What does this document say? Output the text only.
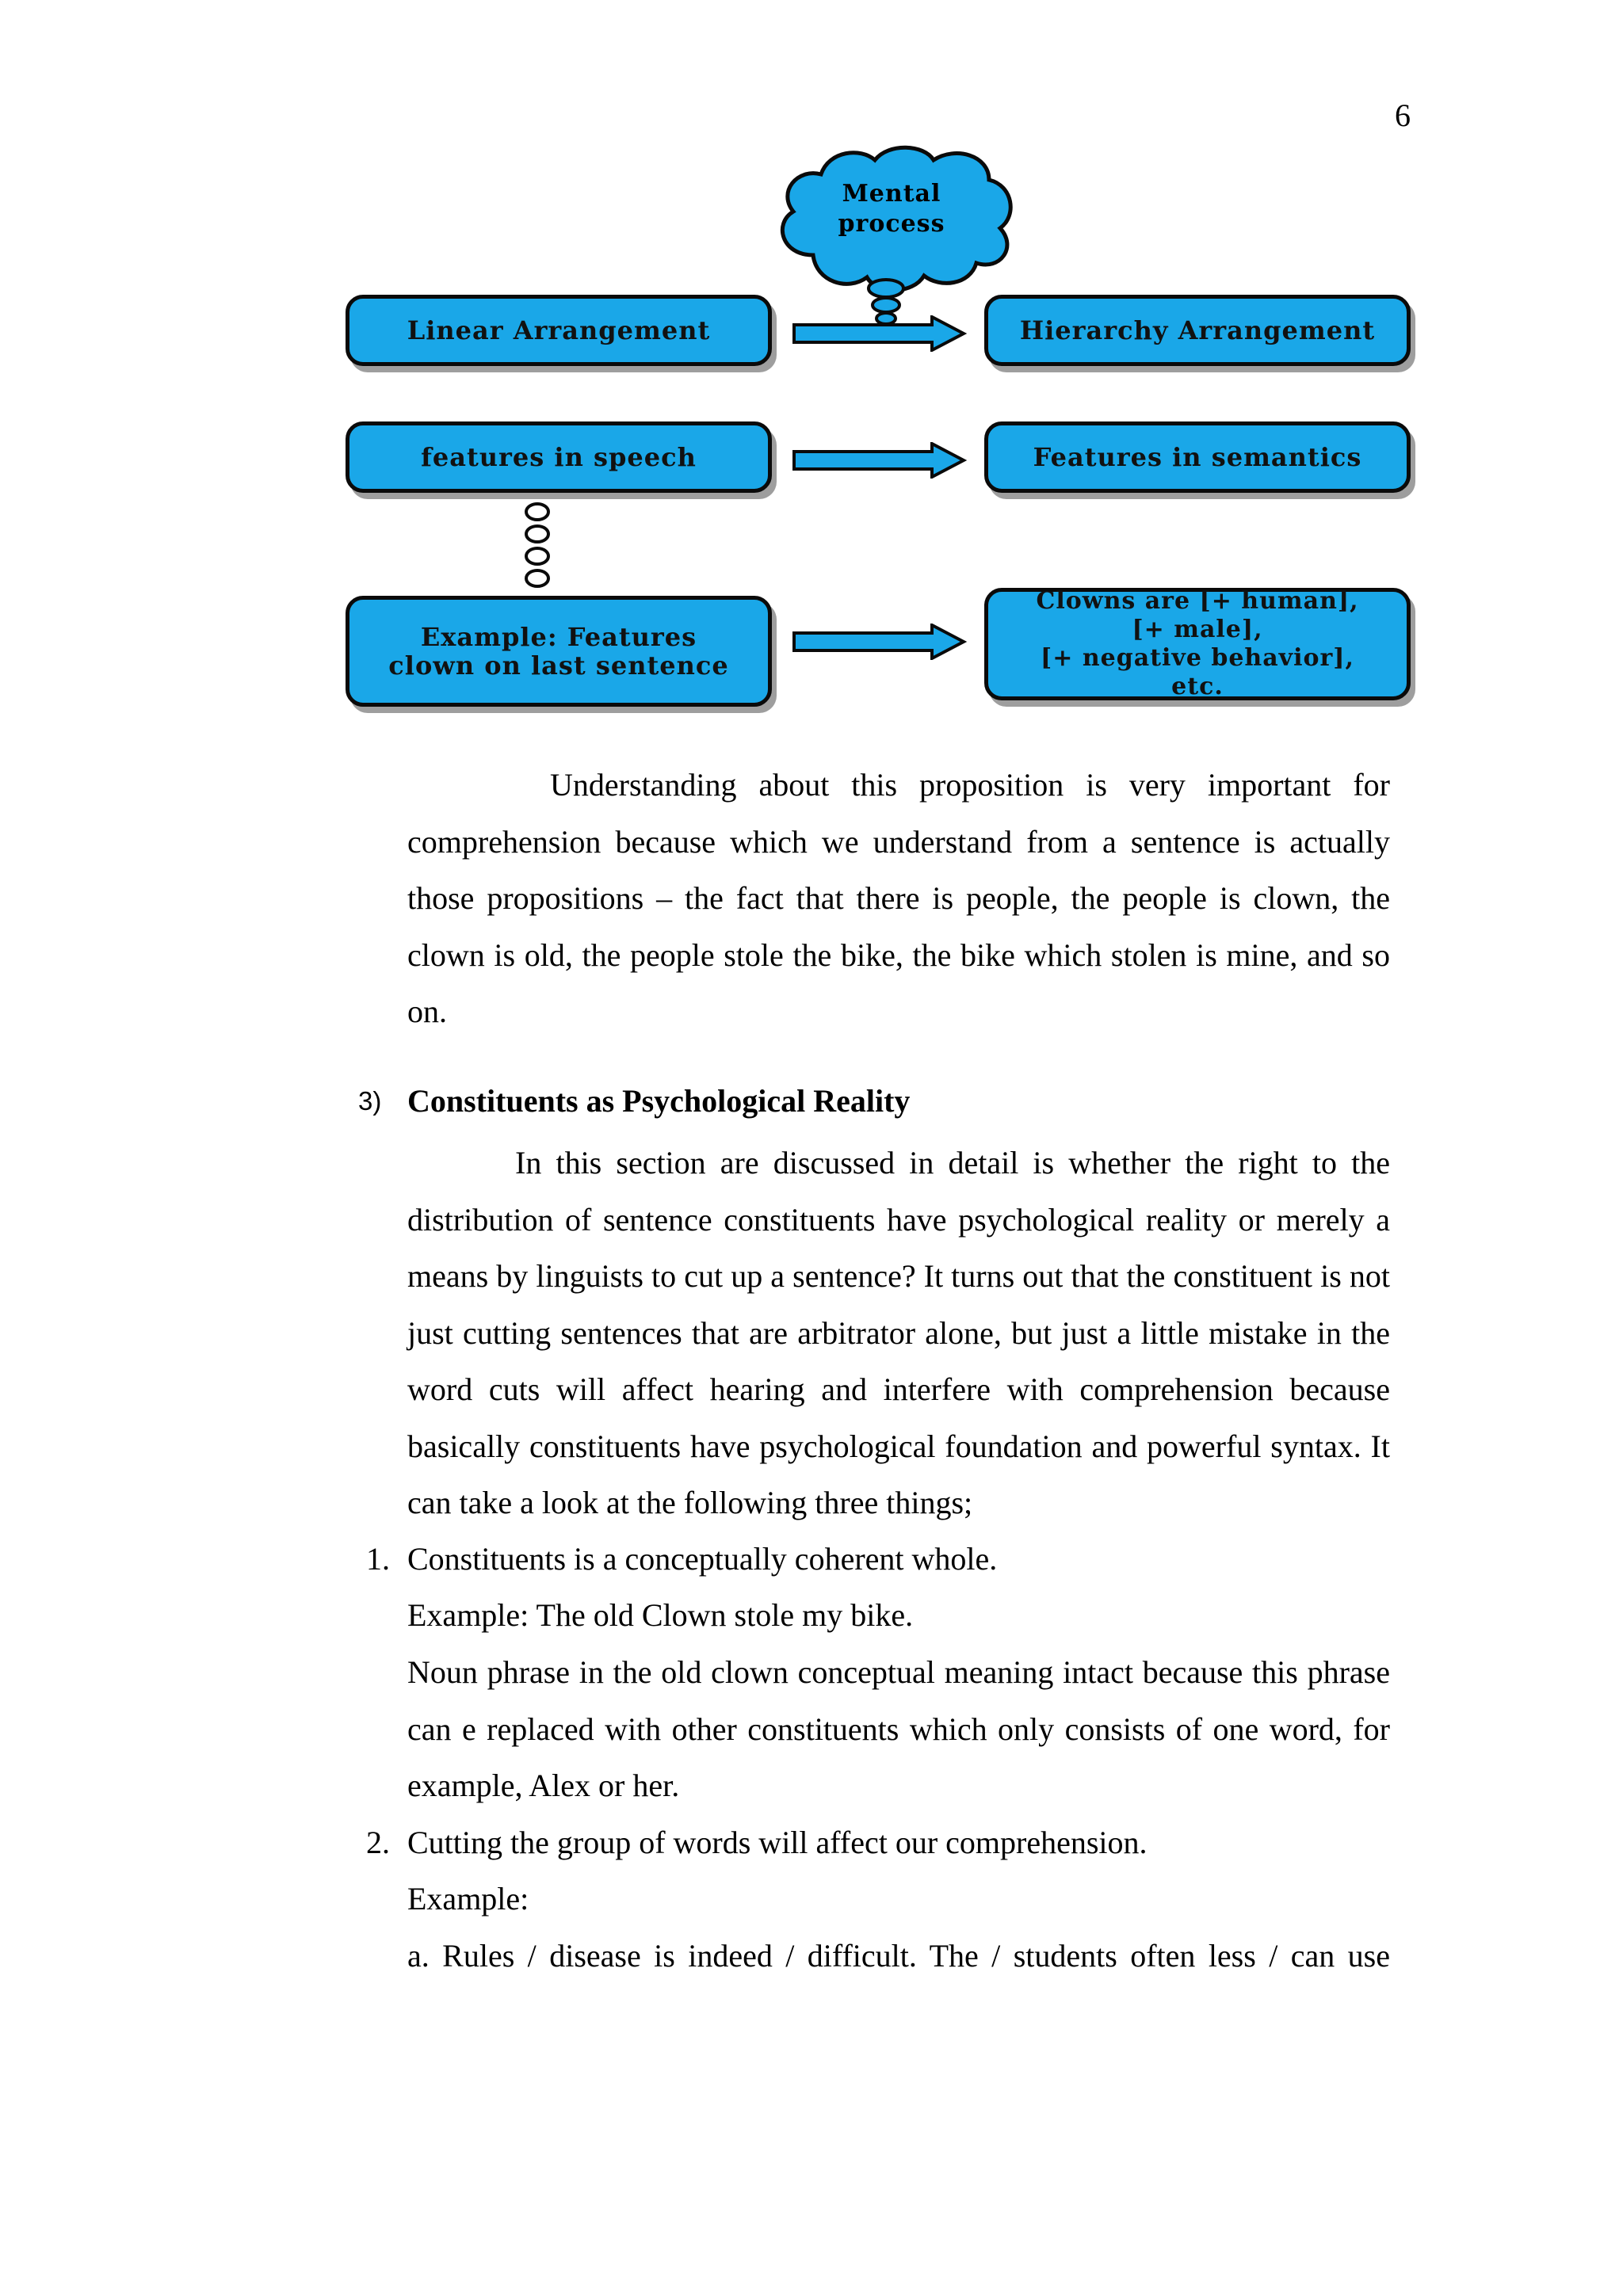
6
Mental process
Linear Arrangement	Hierarchy Arrangement
features in speech	Features in semantics
Example: Features clown on last sentence
Clowns are [+ human],
[+ male],
[+ negative behavior],
etc.
Understanding about this proposition is very important for comprehension because which we understand from a sentence is actually those propositions – the fact that there is people, the people is clown, the clown is old, the people stole the bike, the bike which stolen is mine, and so on.
3) Constituents as Psychological Reality
In this section are discussed in detail is whether the right to the distribution of sentence constituents have psychological reality or merely a means by linguists to cut up a sentence? It turns out that the constituent is not just cutting sentences that are arbitrator alone, but just a little mistake in the word cuts will affect hearing and interfere with comprehension because basically constituents have psychological foundation and powerful syntax. It can take a look at the following three things;
1. Constituents is a conceptually coherent whole.
Example: The old Clown stole my bike.
Noun phrase in the old clown conceptual meaning intact because this phrase can e replaced with other constituents which only consists of one word, for example, Alex or her.
2. Cutting the group of words will affect our comprehension.
Example:
a. Rules / disease is indeed / difficult. The / students often less / can use
